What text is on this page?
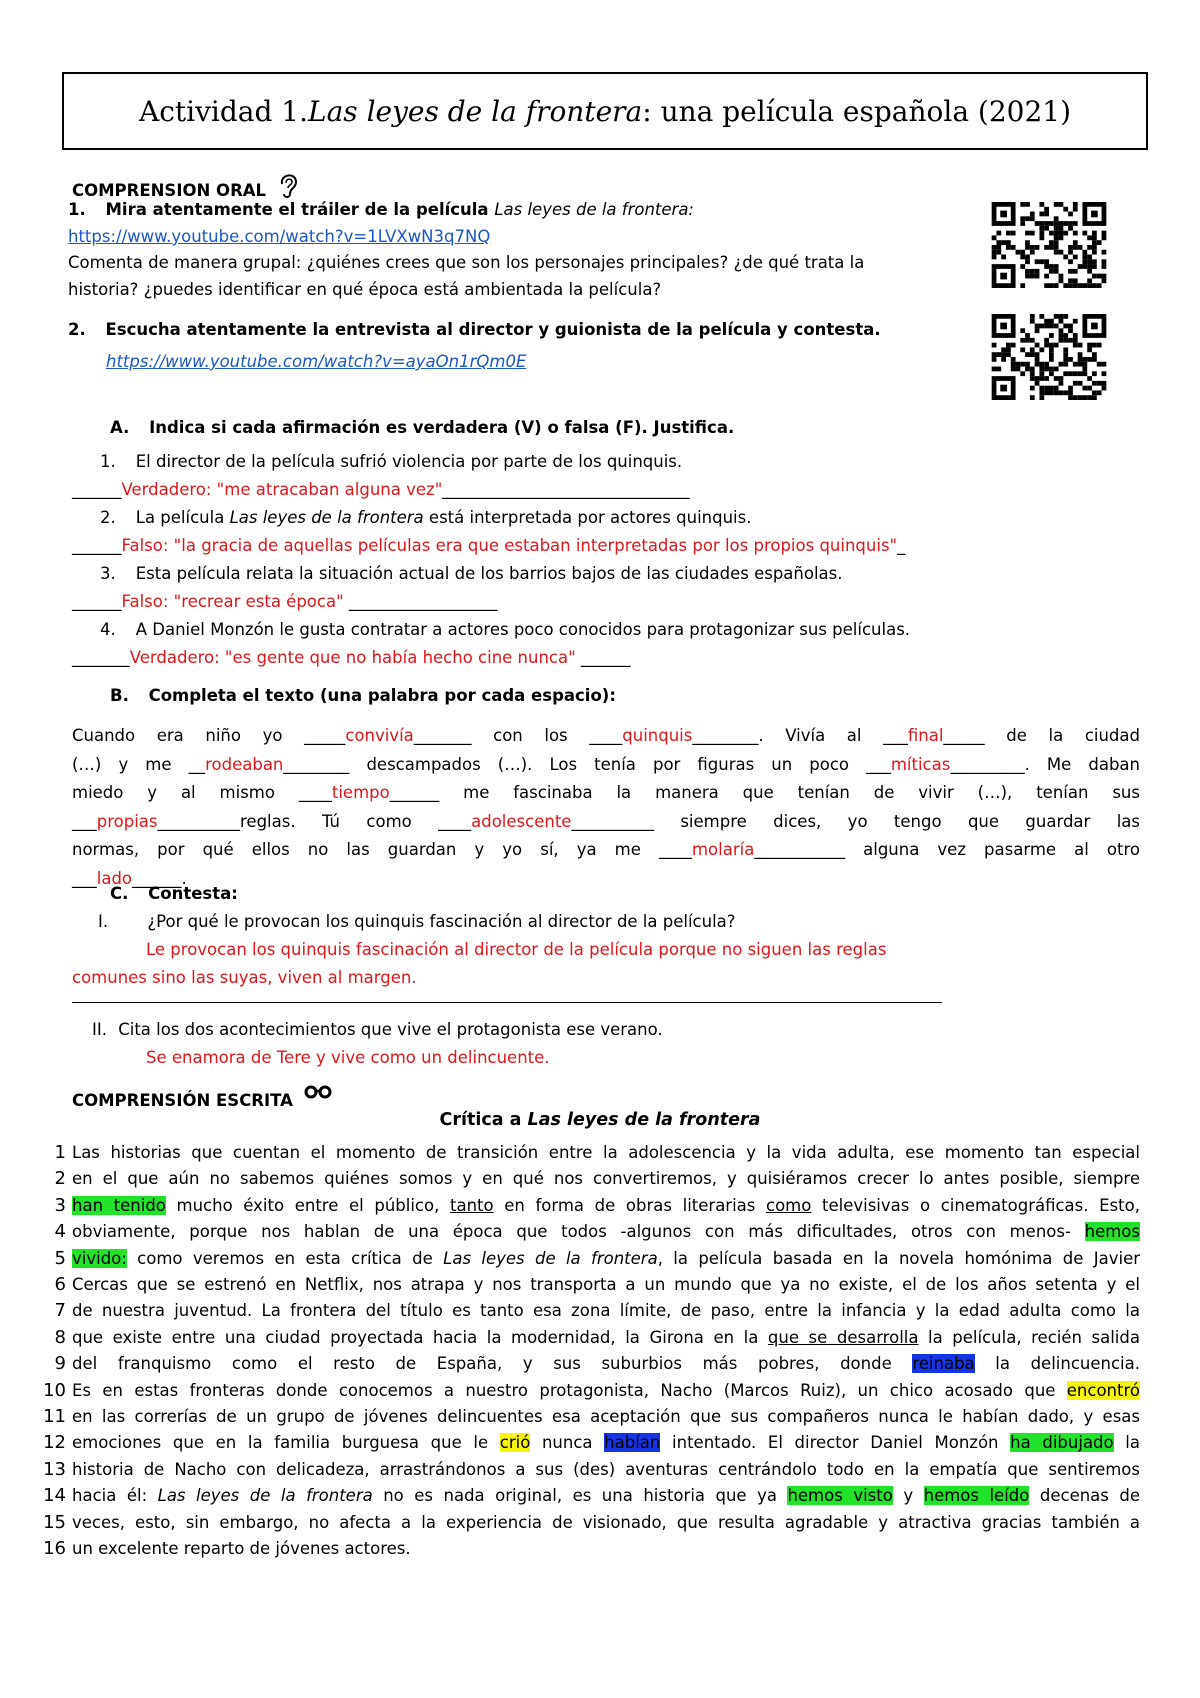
Actividad 1. Las leyes de la frontera : una película española (2021)
COMPRENSION ORAL
1. Mira atentamente el tráiler de la película Las leyes de la frontera:
https://www.youtube.com/watch?v=1LVXwN3q7NQ
Comenta de manera grupal: ¿quiénes crees que son los personajes principales? ¿de qué trata la
historia? ¿puedes identificar en qué época está ambientada la película?
2. Escucha atentamente la entrevista al director y guionista de la película y contesta.
https://www.youtube.com/watch?v=ayaOn1rQm0E
A. Indica si cada afirmación es verdadera (V) o falsa (F). Justifica.
1. El director de la película sufrió violencia por parte de los quinquis.
______Verdadero: "me atracaban alguna vez"______________________________
2. La película Las leyes de la frontera está interpretada por actores quinquis.
______Falso: "la gracia de aquellas películas era que estaban interpretadas por los propios quinquis"_
3. Esta película relata la situación actual de los barrios bajos de las ciudades españolas.
______Falso: "recrear esta época" __________________
4. A Daniel Monzón le gusta contratar a actores poco conocidos para protagonizar sus películas.
_______Verdadero: "es gente que no había hecho cine nunca" ______
B. Completa el texto (una palabra por cada espacio):
Cuando era niño yo _____convivía_______ con los ____quinquis________. Vivía al ___final_____ de la ciudad
(…) y me __rodeaban________ descampados (…). Los tenía por figuras un poco ___míticas_________. Me daban
miedo y al mismo ____tiempo______ me fascinaba la manera que tenían de vivir (…), tenían sus
___propias__________reglas. Tú como ____adolescente__________ siempre dices, yo tengo que guardar las
normas, por qué ellos no las guardan y yo sí, ya me ____molaría___________ alguna vez pasarme al otro
___lado______.
C. Contesta:
I. ¿Por qué le provocan los quinquis fascinación al director de la película?
Le provocan los quinquis fascinación al director de la película porque no siguen las reglas
comunes sino las suyas, viven al margen.
II. Cita los dos acontecimientos que vive el protagonista ese verano.
Se enamora de Tere y vive como un delincuente.
COMPRENSIÓN ESCRITA
Crítica a Las leyes de la frontera
1 Las historias que cuentan el momento de transición entre la adolescencia y la vida adulta, ese momento tan especial
2 en el que aún no sabemos quiénes somos y en qué nos convertiremos, y quisiéramos crecer lo antes posible, siempre
3 han tenido mucho éxito entre el público, tanto en forma de obras literarias como televisivas o cinematográficas. Esto,
4 obviamente, porque nos hablan de una época que todos -algunos con más dificultades, otros con menos- hemos
5 vivido: como veremos en esta crítica de Las leyes de la frontera, la película basada en la novela homónima de Javier
6 Cercas que se estrenó en Netflix, nos atrapa y nos transporta a un mundo que ya no existe, el de los años setenta y el
7 de nuestra juventud. La frontera del título es tanto esa zona límite, de paso, entre la infancia y la edad adulta como la
8 que existe entre una ciudad proyectada hacia la modernidad, la Girona en la que se desarrolla la película, recién salida
9 del franquismo como el resto de España, y sus suburbios más pobres, donde reinaba la delincuencia.
10 Es en estas fronteras donde conocemos a nuestro protagonista, Nacho (Marcos Ruiz), un chico acosado que encontró
11 en las correrías de un grupo de jóvenes delincuentes esa aceptación que sus compañeros nunca le habían dado, y esas
12 emociones que en la familia burguesa que le crió nunca habían intentado. El director Daniel Monzón ha dibujado la
13 historia de Nacho con delicadeza, arrastrándonos a sus (des) aventuras centrándolo todo en la empatía que sentiremos
14 hacia él: Las leyes de la frontera no es nada original, es una historia que ya hemos visto y hemos leído decenas de
15 veces, esto, sin embargo, no afecta a la experiencia de visionado, que resulta agradable y atractiva gracias también a
16 un excelente reparto de jóvenes actores.
